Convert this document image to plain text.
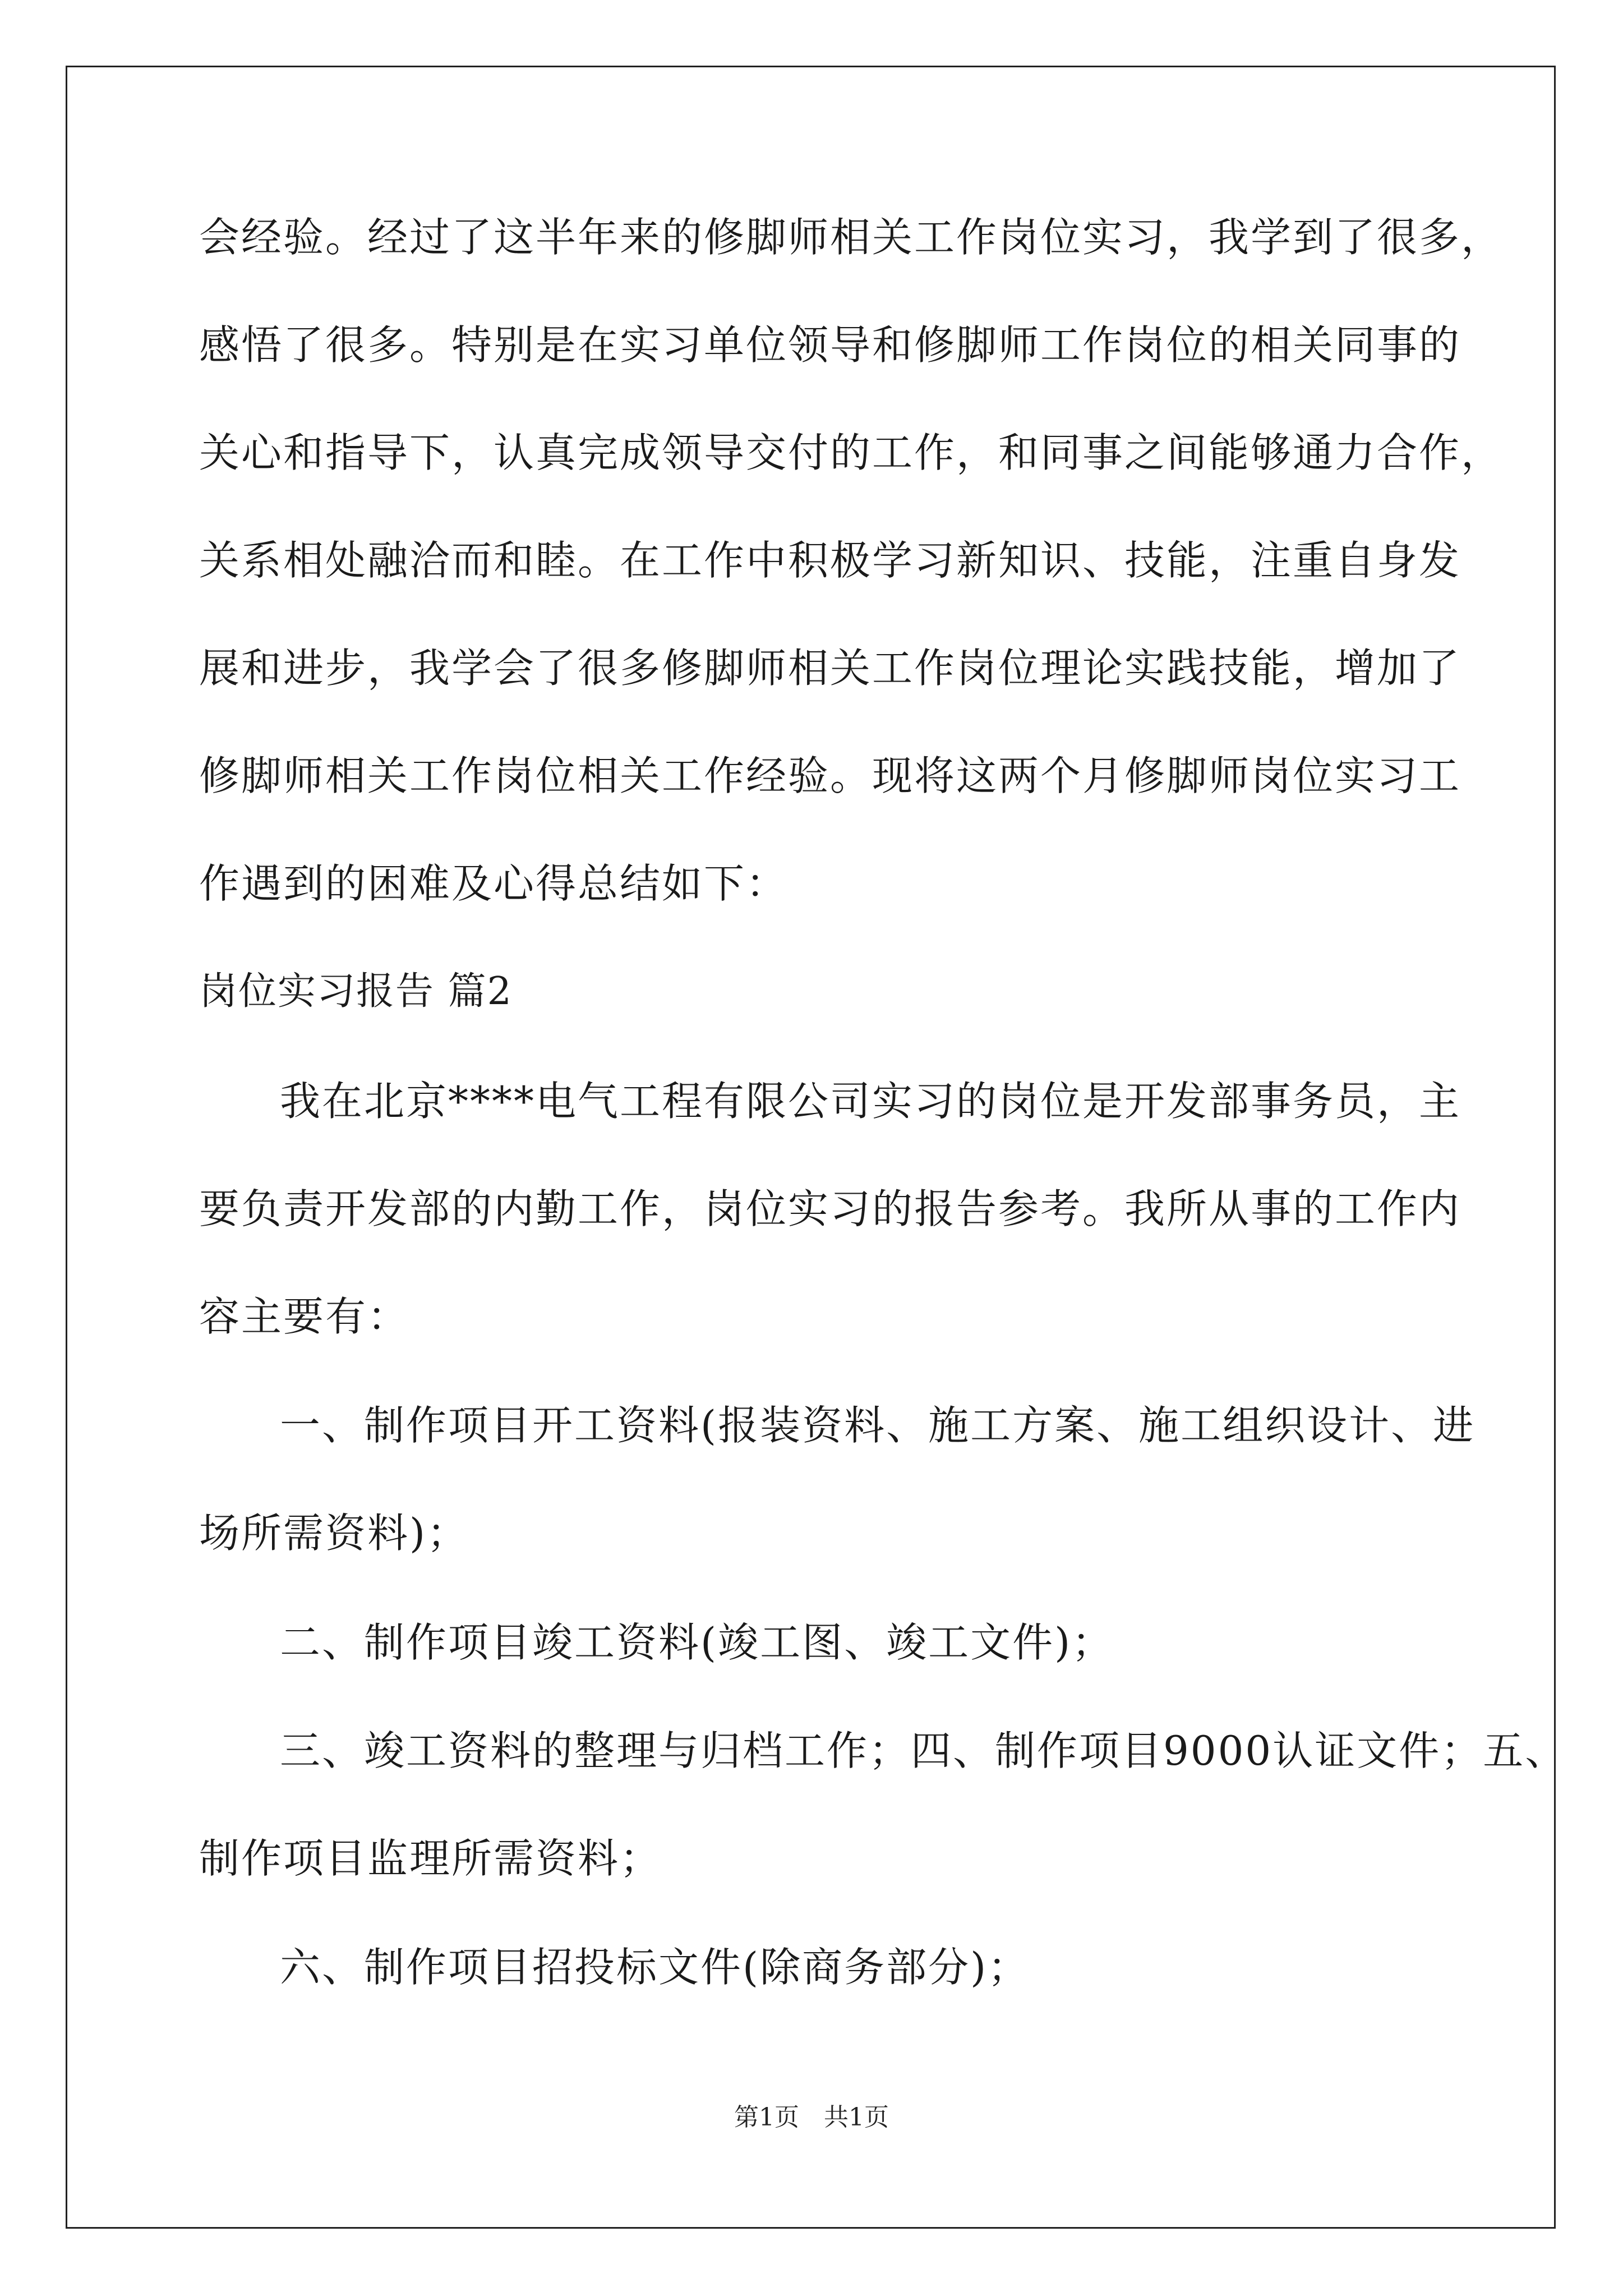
会经验。经过了这半年来的修脚师相关工作岗位实习，我学到了很多，
感悟了很多。特别是在实习单位领导和修脚师工作岗位的相关同事的
关心和指导下，认真完成领导交付的工作，和同事之间能够通力合作，
关系相处融洽而和睦。在工作中积极学习新知识、技能，注重自身发
展和进步，我学会了很多修脚师相关工作岗位理论实践技能，增加了
修脚师相关工作岗位相关工作经验。现将这两个月修脚师岗位实习工
作遇到的困难及心得总结如下：
岗位实习报告 篇2
我在北京****电气工程有限公司实习的岗位是开发部事务员，主
要负责开发部的内勤工作，岗位实习的报告参考。我所从事的工作内
容主要有：
一、制作项目开工资料(报装资料、施工方案、施工组织设计、进
场所需资料)；
二、制作项目竣工资料(竣工图、竣工文件)；
三、竣工资料的整理与归档工作；四、制作项目9000认证文件；五、
制作项目监理所需资料；
六、制作项目招投标文件(除商务部分)；
第1页　共1页
